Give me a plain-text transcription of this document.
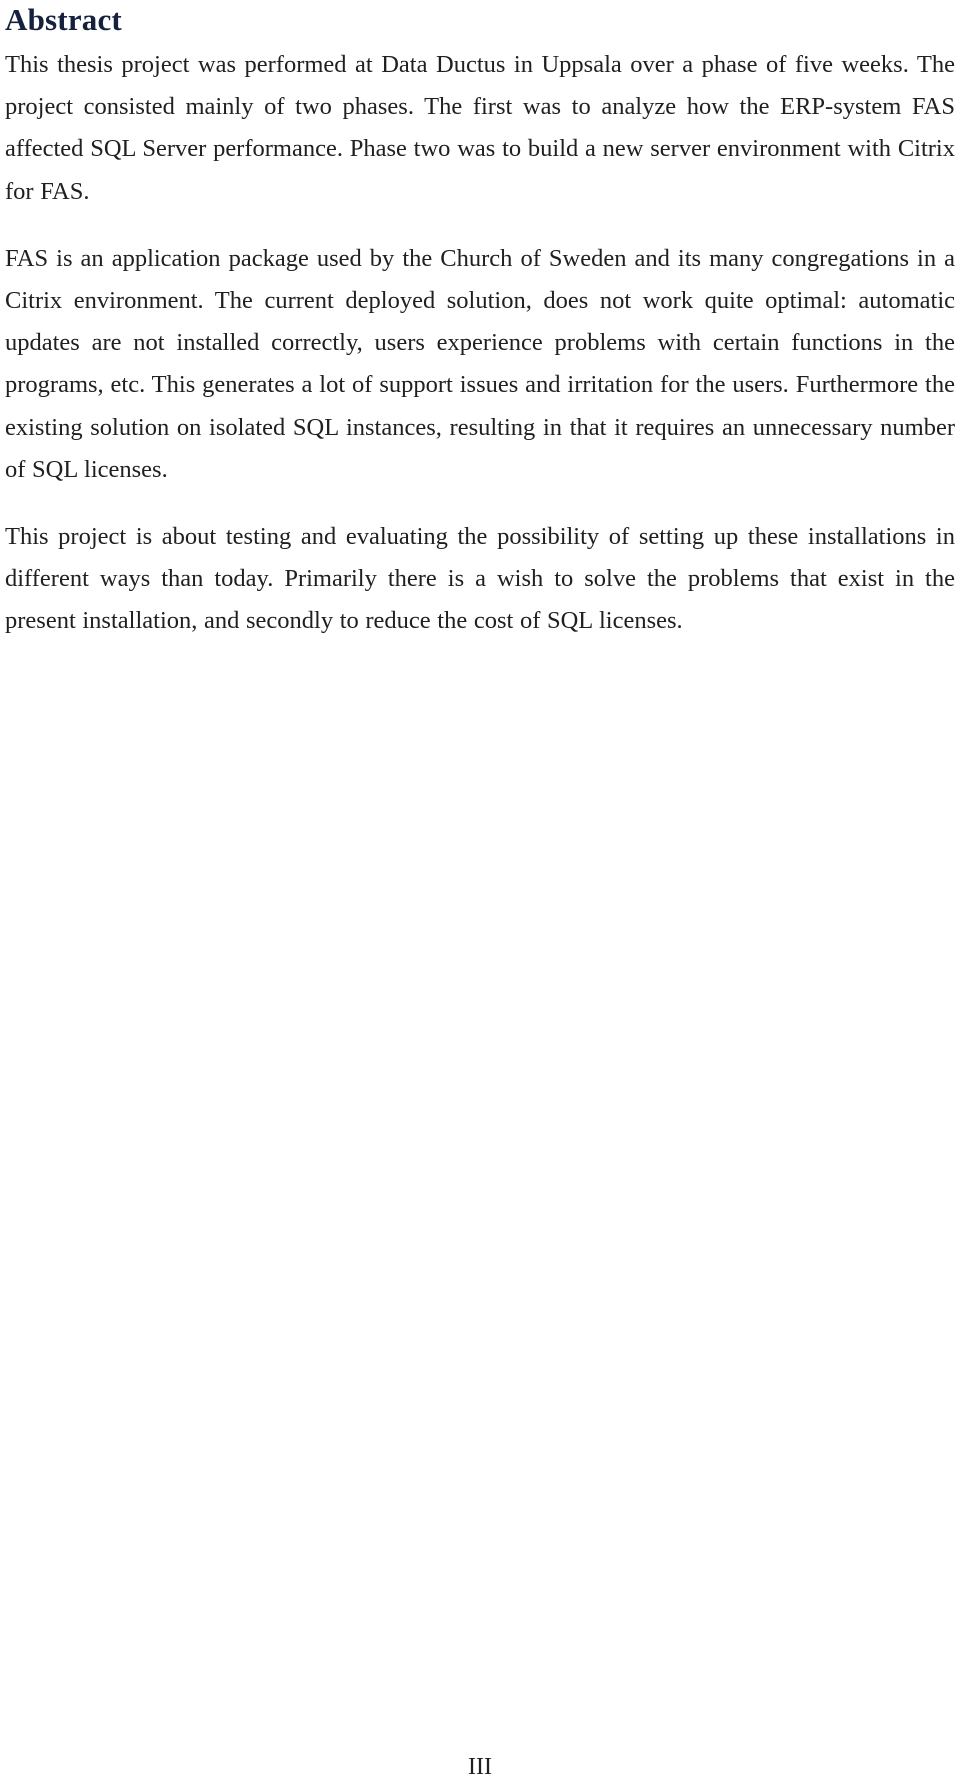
Abstract

This thesis project was performed at Data Ductus in Uppsala over a phase of five weeks. The project consisted mainly of two phases. The first was to analyze how the ERP-system FAS affected SQL Server performance. Phase two was to build a new server environment with Citrix for FAS.

FAS is an application package used by the Church of Sweden and its many congregations in a Citrix environment. The current deployed solution, does not work quite optimal: automatic updates are not installed correctly, users experience problems with certain functions in the programs, etc. This generates a lot of support issues and irritation for the users. Furthermore the existing solution on isolated SQL instances, resulting in that it requires an unnecessary number of SQL licenses.

This project is about testing and evaluating the possibility of setting up these installations in different ways than today. Primarily there is a wish to solve the problems that exist in the present installation, and secondly to reduce the cost of SQL licenses.

III
